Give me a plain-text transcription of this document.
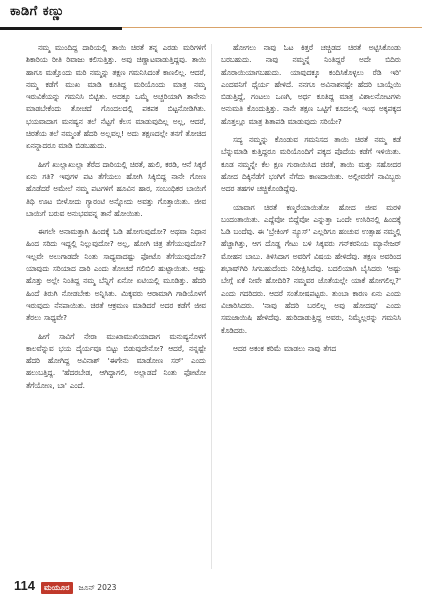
ಕಾಡಿಗೆ ಕಣ್ಣು

ನಮ್ಮ ಮುಂದಿದ್ದ ದಾರಿಯಲ್ಲಿ ತಾಯಿ ಚಿರತೆ ತನ್ನ ಎರಡು ಮರಿಗಳಿಗೆ ಶಿಕಾರಿಯ ರೀತಿ ರಿವಾಜು ಕಲಿಸುತ್ತಿತ್ತು. ಅವು ಚಿಣ್ಣಾಟವಾಡುತ್ತಿದ್ದವು. ತಾಯಿ ಹಾಗೂ ಮತ್ತೊಂದು ಮರಿ ನಮ್ಮನ್ನು ತಕ್ಷಣ ಗಮನಿಸಿದಂತೆ ಕಾಣಲಿಲ್ಲ. ಆದರೆ, ನಮ್ಮ ಕಡೆಗೆ ಮುಖ ಮಾಡಿ ಕೂತಿದ್ದ ಮರಿಯೊಂದು ಮಾತ್ರ ನಮ್ಮ ಇರುವಿಕೆಯನ್ನು ಗಮನಿಸಿ ಬಿಟ್ಟಿತು. ಅದಕ್ಕೂ ಒಮ್ಮೆ ಅಚ್ಚರಿಯಾಗಿ ತಾನೇನು ಮಾಡಬೇಕೆಂದು ತೋಚದೆ ಗೊಂದಲದಲ್ಲಿ ಪಕಪಕ ಬಿಟ್ಟನೋಡಿಗಿತು. ಭಯವಾದಾಗ ಮನಷ್ಯನ ತಲೆ ನೆಟ್ಟಗೆ ಕೆಲಸ ಮಾಡುವುದಿಲ್ಲ ಅಲ್ಲ, ಆದರೆ, ಚಿರತೆಯ ತಲೆ ನಮ್ಮಂತೆ ಹೆದರಿ ಅಲ್ಲವಲ್ಲ! ಅದು ತಕ್ಷಣದಲ್ಲೇ ತನಗೆ ತೋಚಿದ ಏನನ್ನಾದರೂ ಮಾಡಿ ಬಿಡಬಹುದು.

ಹೀಗೆ ಖುಲ್ಲಾಖುಲ್ಲಾ ತೆರೆದ ದಾರಿಯಲ್ಲಿ ಚಿರತೆ, ಹುಲಿ, ಕರಡಿ, ಆನೆ ಸಿಕ್ಕರೆ ಏನು ಗತಿ? ಇವುಗಳ ಪಟ ತೆಗೆಯಲು ಹೋಗಿ ಸಿಕ್ಕಿಬಿದ್ದ ನಾನೇ ಗೋಣ ಹೊಡೆದರೆ ಅಮೇಲೆ ನಮ್ಮ ಪಟಗಳಿಗೆ ಹೂವಿನ ಹಾರ, ಸಂಬಂಧಿಕರ ಬಾಯಿಗೆ ತಿಥಿ ಊಟ ಬೀಳೋದು ಗ್ಯಾರಂಟಿ ಅನ್ನೋದು ಅವತ್ತು ಗೊತ್ತಾಯಿತು. ಜೀವ ಬಾಯಿಗೆ ಬರುವ ಅನುಭವವನ್ನ ತಾನೆ ಹೋಯಿತು.

ಈಗಲೇ ಅನಾಮತ್ತಾಗಿ ಹಿಂದಕ್ಕೆ ಓಡಿ ಹೋಗುವುದೋ? ಅಥವಾ ನಿಧಾನ ಹಿಂದ ಸರಿದು ಇದ್ದಲ್ಲಿ ನಿಲ್ಲುವುದೋ? ಅಲ್ಲ, ಹೋಗಿ ಚಿತ್ರ ತೆಗೆಯುವುದೋ? ಇಲ್ಲವೇ ಅಲುಗಾಡದೇ ನಿಂತು ಸಾಧ್ಯವಾದಷ್ಟು ಫೋಟೊ ತೆಗೆಯುವುದೋ? ಯಾವುದು ಸರಿಯಾದ ದಾರಿ ಎಂದು ತೋಚದೆ ಗಲಿಬಿಲಿ ಹುಟ್ಟಾಯಿತು. ಆಷ್ಟು ಹೊತ್ತು ಅಲ್ಲೇ ನಿಂತಿದ್ದ ನಮ್ಮ ಬೆನ್ನಿಗೆ ಏನೋ ಏಟಿಯಲ್ಲಿ ಮೂಡಿತ್ತು. ಹೆದರಿ ಹಿಂದೆ ತಿರುಗಿ ನೋಡಬೇಕು ಅನ್ನಿಸಿತು. ಮಿಕ್ಕವರು ಆರಾಮಾಗಿ ಗಾಡಿಯೊಳಗೆ ಇರುವುದು ನೆನಪಾಯಿತು. ಚಿರತೆ ಆಕ್ರಮಣ ಮಾಡಿದರೆ ಅದರ ಕಡೆಗೆ ಜೀವ ತೆರಲು ಸಾಧ್ಯವೇ?

ಹೀಗೆ ಸಾವಿಗೆ ನೇರಾ ಮುಖಾಮುಖಿಯಾದಾಗ ಮನುಷ್ಯನೊಳಗೆ ಕಾಲವೆನ್ನುವ ಭಯ ದೈರ್ಯವೂ ಬಿಟ್ಟು ಬಿಡುವುದೇನೋ? ಆದರೆ, ನನ್ನಷ್ಟೇ ಹೆದರಿ ಹೋಗಿದ್ದ ಅವಿನಾಶ್ 'ಈಗೇನು ಮಾಡೋಣ ಸರ್' ಎಂದು ಹಲುಬತ್ತಿದ್ದ. 'ಹೆದರಬೇಡ, ಆಗಿದ್ದಾಗಲಿ, ಅಲ್ಲಾಡದೆ ನಿಂತು ಫೋಟೋ ತೆಗೆಯೋಣ, ಬಾ' ಎಂದೆ.

ಹೋಗಲು ನಾವು ಓಟ ಕಿತ್ತರೆ ಚಚ್ಚಿಡದ ಚಿರತೆ ಅಟ್ಟಿಸಿಕೊಂಡು ಬರಬಹುದು. ನಾವು ನಮ್ಮನ್ನೆ ನಿಂತಿದ್ದರೆ ಅದೇ ಬಿದಿರು ಹೊರಾಯಿಯಾಗಬಹುದು. ಯಾವುದಕ್ಕೂ ಕಂದಿಸಿಕೊಳ್ಳಲು ರೆಡಿ ಇರಿ' ಎಂದವನಿಗೆ ಧೈರ್ಯ ಹೇಳಿದೆ. ನನಗೂ ಅವಿನಾಶನಷ್ಟೇ ಹೆದರಿ ಬಾಯ್ಗೆಯಿ ಬಿಡುತ್ತಿದ್ದೆ, ಗಂಟಲು ಒಣಗಿ, ಅರ್ಧ ಕೂತಿದ್ದ ಮಾತ್ರ ವಿಶಾಲನೋಟಗಳು ಅನುಮತಿ ಕೊಂದುತ್ತಿತ್ತು. ನಾನೇ ತಕ್ಷಣ ಒಟ್ಟಿಗೆ ಕೂದಲಲ್ಲಿ ಇಂಥ ಅಕ್ಕಪಕ್ಕದ ಹೊತ್ತಲ್ಲೂ ಮಾತ್ರ ಶಿತಾಪಡಿ ಮಾಡುವುದು ಸರಿಯೇ?

ಸದ್ಯ ನಮ್ಮನ್ನು ಕೊಂಡುವ ಗಮನಿಸದ ತಾಯಿ ಚಿರತೆ ನಮ್ಮ ಕಡೆ ಬೆನ್ನುಮಾಡಿ ಕುತ್ತಿದ್ದರೂ ಮರಿಯೊಂದಿಗೆ ಪಕ್ಕದ ಪೊದೆಯ ಕಡೆಗೆ ಇಳಿಯಿತು. ಕೂಡ ನಮ್ಮನ್ನೇ ಕೆಲ ಕ್ಷಣ ಗುರಾಯಿಸಿದ ಚಿರತೆ, ತಾಯಿ ಮತ್ತು ಸಹೋದರ ಹೋದ ದಿಕ್ಕಿನೆಡೆಗೆ ಭಂಗಿಗೆ ನೆಗೆದು ಕಾಣದಾಯಿತು. ಅಲ್ಲೀವರೆಗೆ ನಾವಿಬ್ಬರು ಅದರ ತಹಗಳ ಚಚ್ಚಿಕೊಂಡಿದ್ದೆವು.

ಯಾವಾಗ ಚಿರತೆ ಕಣ್ಮರೆಯಾಯಿತೋ ಹೋದ ಜೀವ ಮರಳಿ ಬಂದಂತಾಯಿತು. ಎದ್ದೆವೋ ಬಿದ್ದೆವೋ ಎನ್ನುತ್ತಾ ಒಂದೇ ಉಸಿರಿನಲ್ಲಿ ಹಿಂದಕ್ಕೆ ಓಡಿ ಬಂದೆವು. ಈ 'ಬ್ರೇಕಿಂಗ್ ನ್ಯೂಸ್' ಎಲ್ಲರಿಗೂ ಹಂಚುವ ಉತ್ಸಾಹ ನಮ್ಮಲ್ಲಿ ಹೆಚ್ಚಾಗಿತ್ತು, ಆಗ ದೊಡ್ಡ ಗೇಟು ಬಳಿ ಸಿಕ್ಕವರು ಗನ್‌ಕರನಿಯ ಮ್ಯಾನೇಜರ್ ಮೋಹನ ಬಾಬು. ತಿಳಿಸಿದಾಗ ಅವರಿಗೆ ವಿಷಯ ಹೇಳಿದೆವು. ತಕ್ಷಣ ಅವರಿಂದ ಶಭಾಷ್‌ಗಿರಿ ಸಿಗಬಹುದೆಂದು ನಿರೀಕ್ಷಿಸಿದೆವು. ಬದಲಿಯಾಗಿ ಬೈಸಿದರು 'ಅಷ್ಟು ಬೇಗ್ಗೆ ಏಕೆ ನೀವೇ ಹೋದಿರಿ? ನಮ್ಮವರ ಜೊತೆಯಲ್ಲೇ ಯಾಕೆ ಹೋಗಲಿಲ್ಲ?' ಎಂದು ಗದರಿದರು. ಆದರೆ ಸಂತೋಷಪಟ್ಟರು. ತುಂಬಾ ಕಾರಣ ಏನು ಎಂದು ವಿಚಾರಿಸಿದರು. 'ನಾವು ಹೆದರಿ ಬರಲಿಲ್ಲ ಅವು ಹೋದವು' ಎಂದು ಸಮಜಾಯಿಷಿ ಹೇಳಿದೆವು. ಹುರಿದಾಡುತ್ತಿದ್ದ ಅವರು, ನಿಮ್ಮೆಲ್ಲರನ್ನು ಗಮನಿಸಿ ಕೊಡಿದರು.

ಆದರ ಅಕಂಕ ಕರಿಮೆ ಮಾಡಲು ನಾವು ತೆಗದ

114	ಮಯೂರ	ಜೂನ್ 2023
